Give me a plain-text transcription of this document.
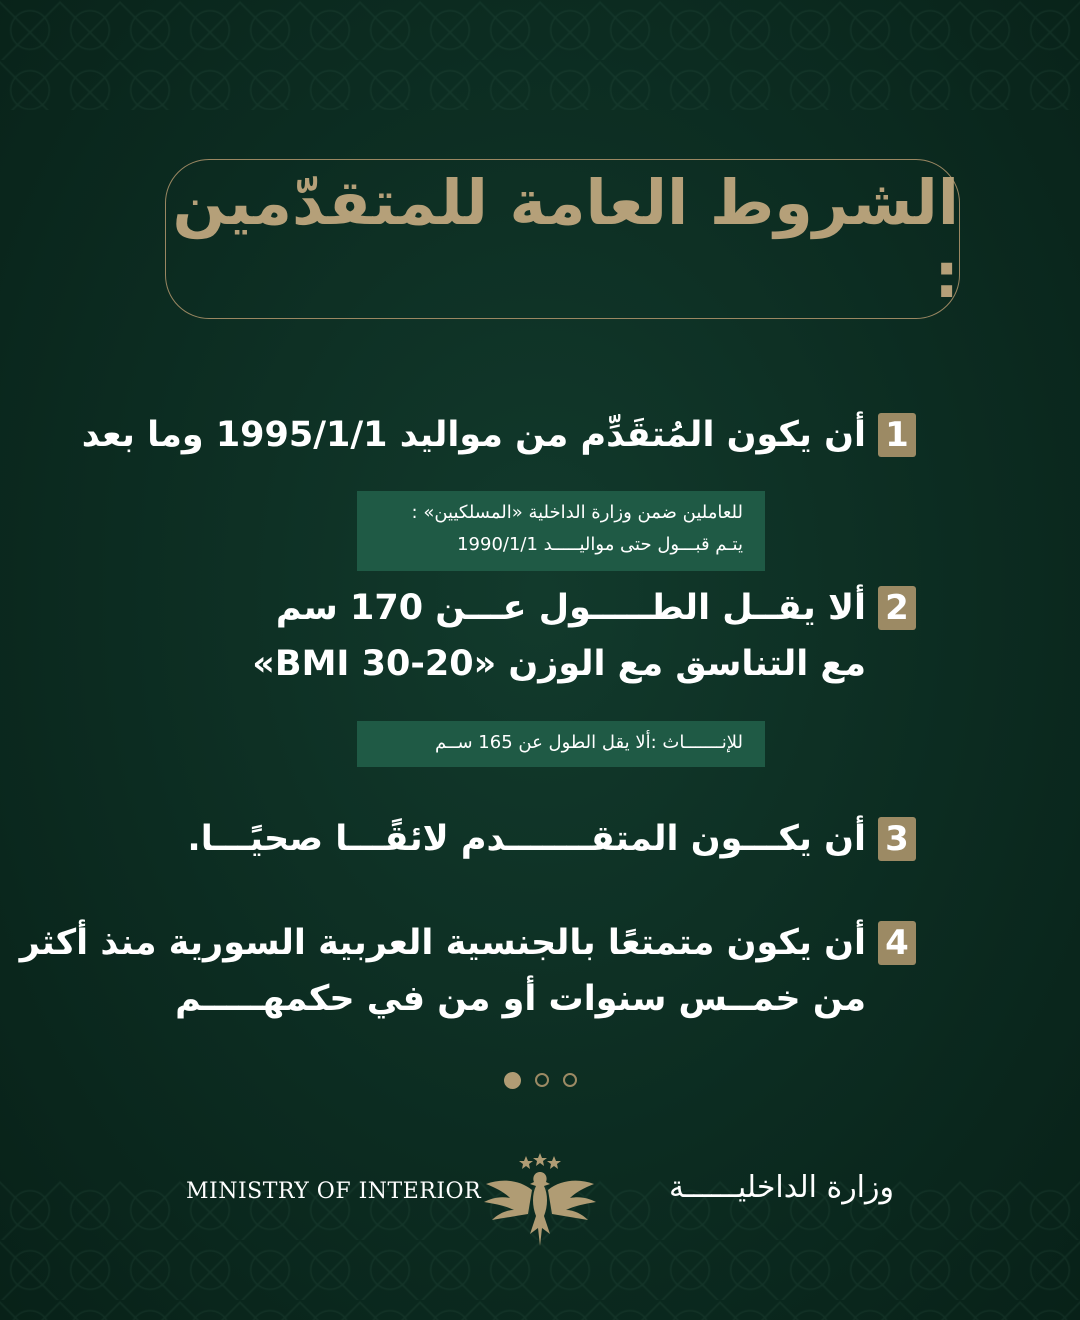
الشروط العامة للمتقدّمين :
1
أن يكون المُتقَدِّم من مواليد 1995/1/1 وما بعد
للعاملين ضمن وزارة الداخلية «المسلكيين» :
يتـم قبـــول حتى مواليـــــد 1990/1/1
2
ألا يقــل الطـــــول عـــن 170 سم
مع التناسق مع الوزن «BMI 30-20»
للإنـــــــاث :ألا يقل الطول عن 165 ســم
3
أن يكـــون المتقـــــــدم لائقًـــا صحيًـــا.
4
أن يكون متمتعًا بالجنسية العربية السورية منذ أكثر
من خمــس سنوات أو من في حكمهـــــم
MINISTRY OF INTERIOR	وزارة الداخليــــــة
